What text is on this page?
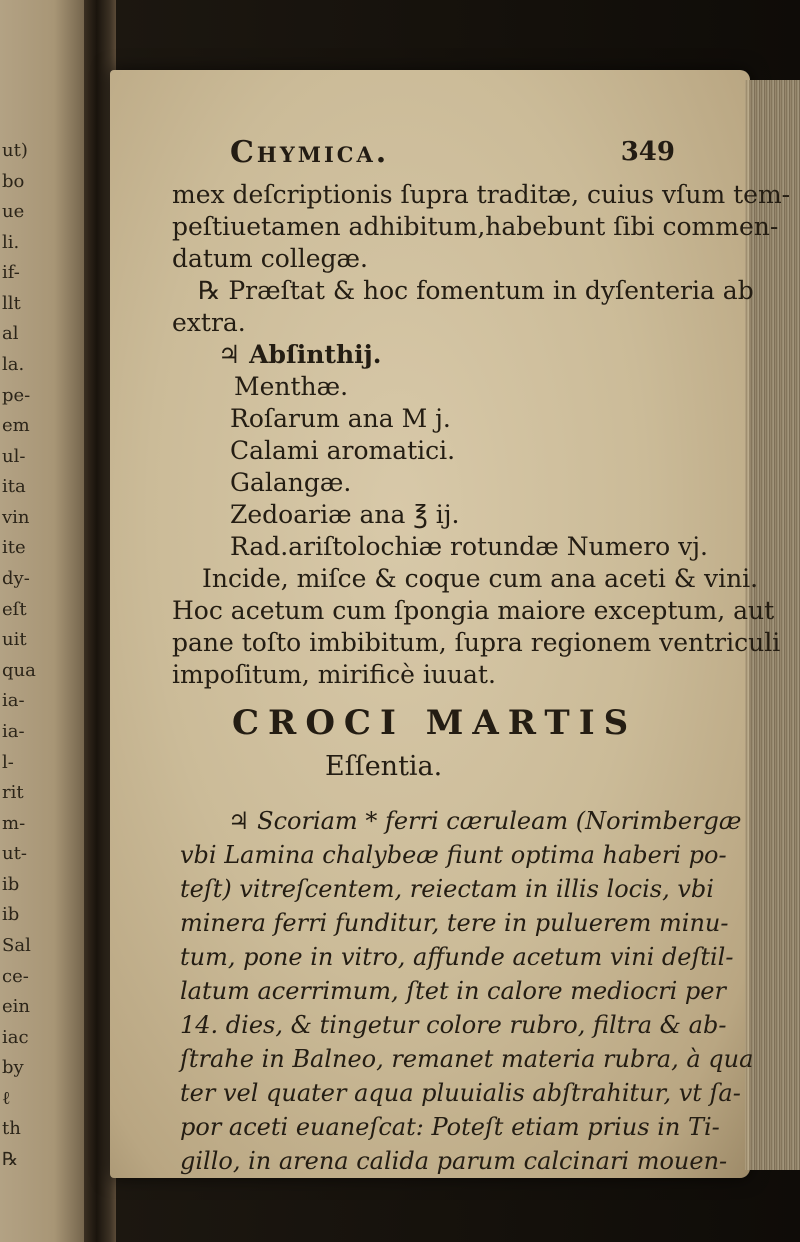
ut)
bo
ue
li.
if-
llt
al
la.
pe-
em
ul-
ita
vin
ite
dy-
eſt
uit
qua
ia-
ia-
l-
rit
m-
ut-
ib
ib
Sal
ce-
ein
iac
by
ℓ
th
℞
Chymica.	349
mex deſcriptionis ſupra traditæ, cuius vſum tem-
peſtiuetamen adhibitum,habebunt ſibi commen-
datum collegæ.
℞ Præſtat & hoc fomentum in dyſenteria ab
extra.
♃ Abſinthij.
Menthæ.
Roſarum ana M j.
Calami aromatici.
Galangæ.
Zedoariæ ana ℥ ij.
Rad.ariſtolochiæ rotundæ Numero vj.
Incide, miſce & coque cum ana aceti & vini.
Hoc acetum cum ſpongia maiore exceptum, aut
pane toſto imbibitum, ſupra regionem ventriculi
impoſitum, mirificè iuuat.
CROCI MARTIS
Eſſentia.
♃ Scoriam * ferri cæruleam (Norimbergæ
vbi Lamina chalybeæ fiunt optima haberi po-
teſt) vitreſcentem, reiectam in illis locis, vbi
minera ferri funditur, tere in puluerem minu-
tum, pone in vitro, affunde acetum vini deſtil-
latum acerrimum, ſtet in calore mediocri per
14. dies, & tingetur colore rubro, filtra & ab-
ſtrahe in Balneo, remanet materia rubra, à qua
ter vel quater aqua pluuialis abſtrahitur, vt ſa-
por aceti euaneſcat: Poteſt etiam prius in Ti-
gillo, in arena calida parum calcinari mouen-
